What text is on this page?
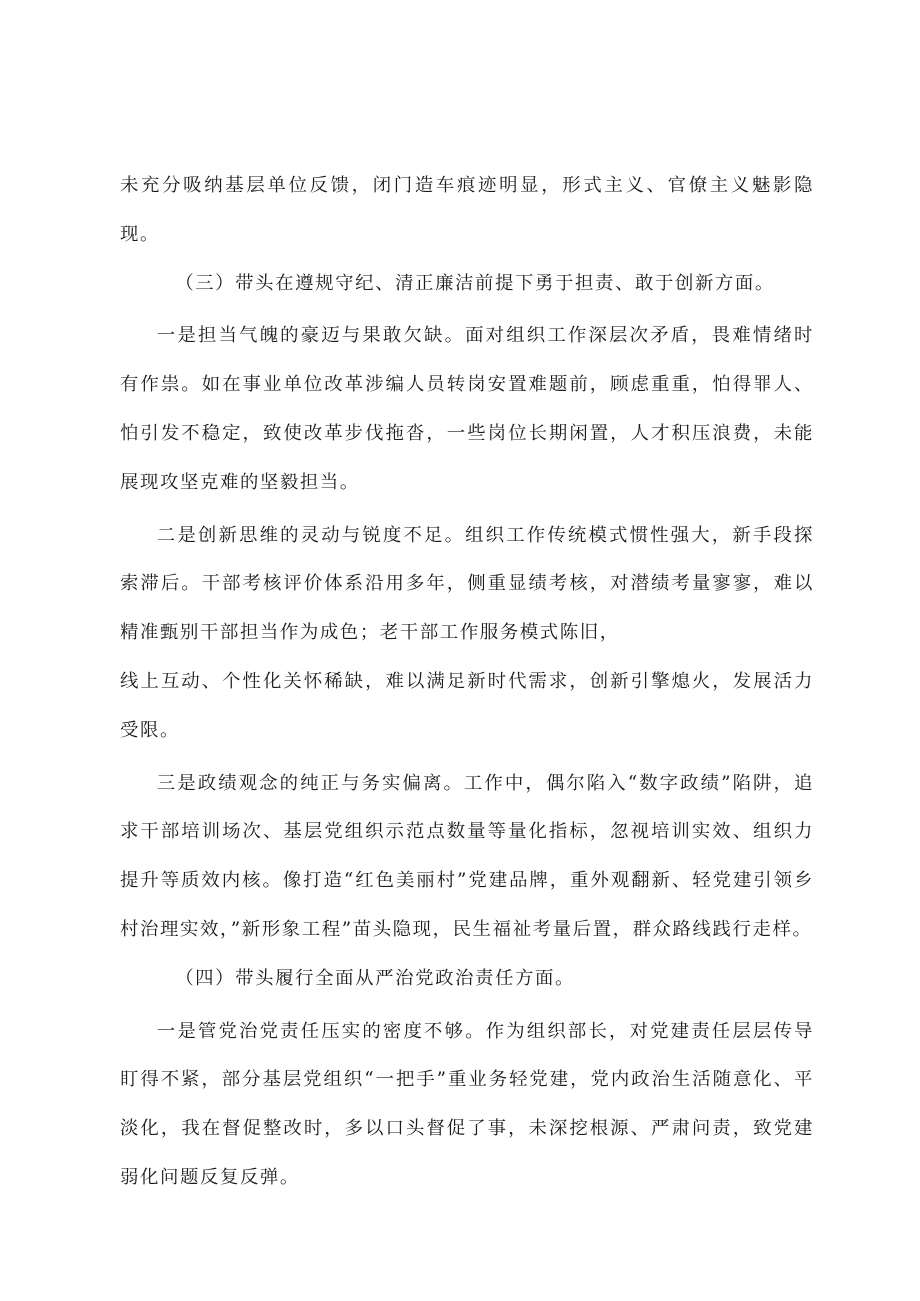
未充分吸纳基层单位反馈，闭门造车痕迹明显，形式主义、官僚主义魅影隐现。

（三）带头在遵规守纪、清正廉洁前提下勇于担责、敢于创新方面。

一是担当气魄的豪迈与果敢欠缺。面对组织工作深层次矛盾，畏难情绪时有作祟。如在事业单位改革涉编人员转岗安置难题前，顾虑重重，怕得罪人、怕引发不稳定，致使改革步伐拖沓，一些岗位长期闲置，人才积压浪费，未能展现攻坚克难的坚毅担当。

二是创新思维的灵动与锐度不足。组织工作传统模式惯性强大，新手段探索滞后。干部考核评价体系沿用多年，侧重显绩考核，对潜绩考量寥寥，难以精准甄别干部担当作为成色；老干部工作服务模式陈旧，

线上互动、个性化关怀稀缺，难以满足新时代需求，创新引擎熄火，发展活力受限。

三是政绩观念的纯正与务实偏离。工作中，偶尔陷入“数字政绩”陷阱，追求干部培训场次、基层党组织示范点数量等量化指标，忽视培训实效、组织力提升等质效内核。像打造“红色美丽村”党建品牌，重外观翻新、轻党建引领乡村治理实效，”新形象工程”苗头隐现，民生福祉考量后置，群众路线践行走样。

（四）带头履行全面从严治党政治责任方面。

一是管党治党责任压实的密度不够。作为组织部长，对党建责任层层传导盯得不紧，部分基层党组织“一把手”重业务轻党建，党内政治生活随意化、平淡化，我在督促整改时，多以口头督促了事，未深挖根源、严肃问责，致党建弱化问题反复反弹。
